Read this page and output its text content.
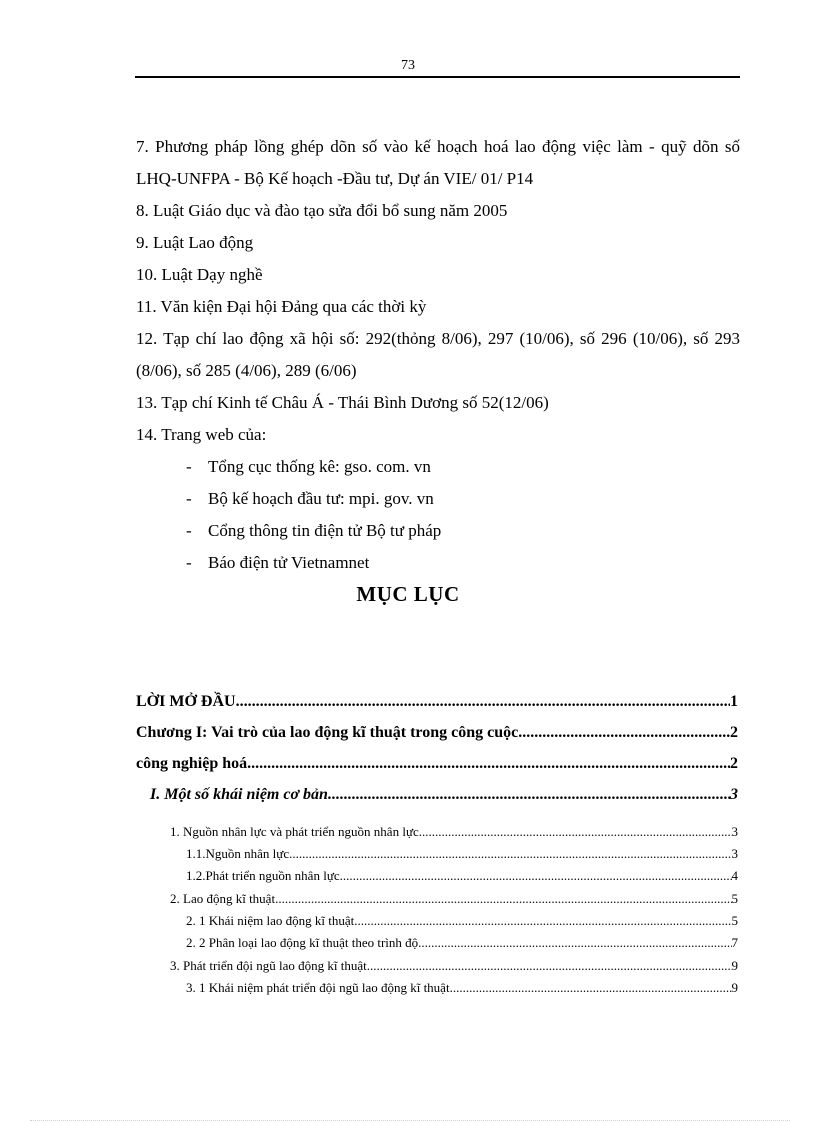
73

7. Phương pháp lồng ghép dõn số vào kế hoạch hoá lao động việc làm - quỹ dõn số LHQ-UNFPA - Bộ Kế hoạch -Đầu tư, Dự án VIE/ 01/ P14

8. Luật Giáo dục và đào tạo sửa đổi bổ sung năm 2005

9. Luật Lao động

10. Luật Dạy nghề

11. Văn kiện Đại hội Đảng qua các thời kỳ

12. Tạp chí lao động xã hội số: 292(thỏng 8/06), 297 (10/06), số 296 (10/06), số 293 (8/06), số 285 (4/06), 289 (6/06)

13. Tạp chí Kinh tế Châu Á - Thái Bình Dương số 52(12/06)

14. Trang web của:

- Tổng cục thống kê: gso. com. vn
- Bộ kế hoạch đầu tư: mpi. gov. vn
- Cổng thông tin điện tử Bộ tư pháp
- Báo điện tử Vietnamnet
MỤC LỤC
LỜI MỞ ĐẦU .....	1
Chương I: Vai trò của lao động kĩ thuật trong công cuộc .....	2
công nghiệp hoá .....	2
I. Một số khái niệm cơ bản. .....	3
1. Nguồn nhân lực và phát triển nguồn nhân lực .....	3
1.1.Nguồn nhân lực .....	3
1.2.Phát triển nguồn nhân lực .....	4
2. Lao động kĩ thuật .....	5
2. 1 Khái niệm lao động kĩ thuật .....	5
2. 2 Phân loại lao động kĩ thuật theo trình độ .....	7
3. Phát triển đội ngũ lao động kĩ thuật .....	9
3. 1 Khái niệm phát triển đội ngũ lao động kĩ thuật .....	9
